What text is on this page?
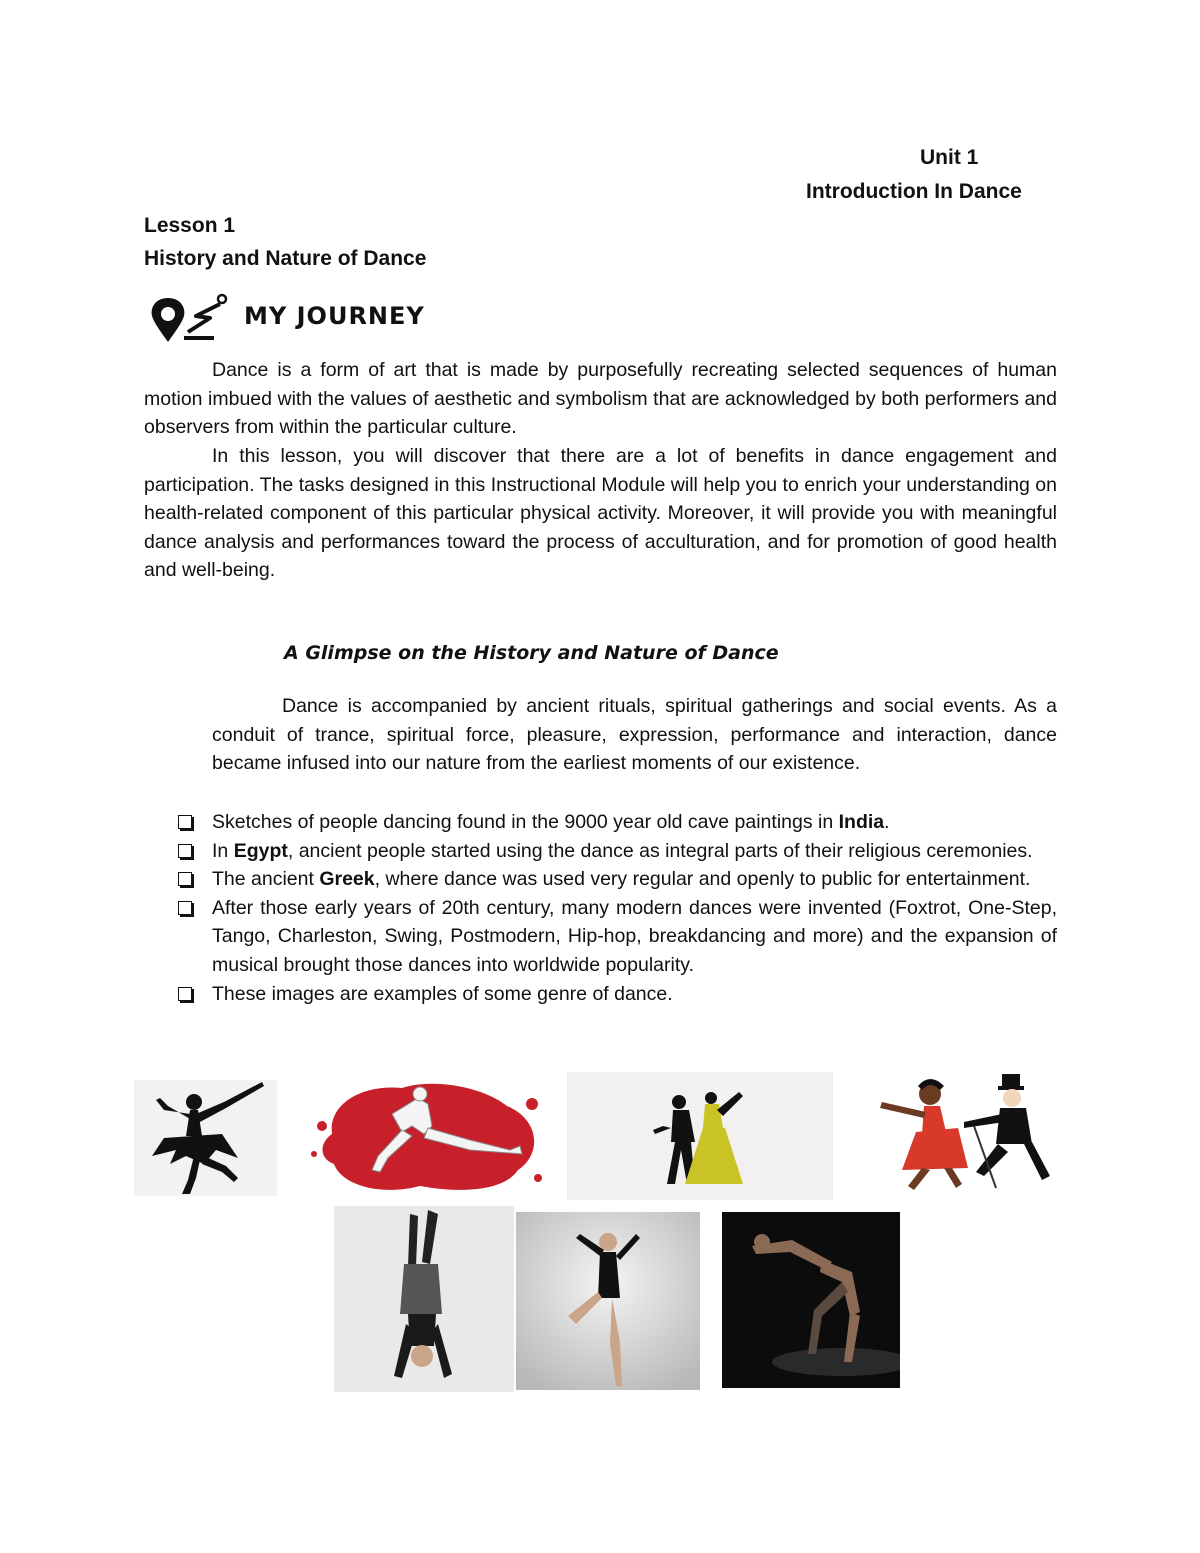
Unit 1
Introduction In Dance
Lesson 1
History and Nature of Dance
MY JOURNEY

Dance is a form of art that is made by purposefully recreating selected sequences of human motion imbued with the values of aesthetic and symbolism that are acknowledged by both performers and observers from within the particular culture.

In this lesson, you will discover that there are a lot of benefits in dance engagement and participation. The tasks designed in this Instructional Module will help you to enrich your understanding on health-related component of this particular physical activity. Moreover, it will provide you with meaningful dance analysis and performances toward the process of acculturation, and for promotion of good health and well-being.

A Glimpse on the History and Nature of Dance

Dance is accompanied by ancient rituals, spiritual gatherings and social events. As a conduit of trance, spiritual force, pleasure, expression, performance and interaction, dance became infused into our nature from the earliest moments of our existence.

Sketches of people dancing found in the 9000 year old cave paintings in India.
In Egypt, ancient people started using the dance as integral parts of their religious ceremonies.
The ancient Greek, where dance was used very regular and openly to public for entertainment.
After those early years of 20th century, many modern dances were invented (Foxtrot, One-Step, Tango, Charleston, Swing, Postmodern, Hip-hop, breakdancing and more) and the expansion of musical brought those dances into worldwide popularity.
These images are examples of some genre of dance.
